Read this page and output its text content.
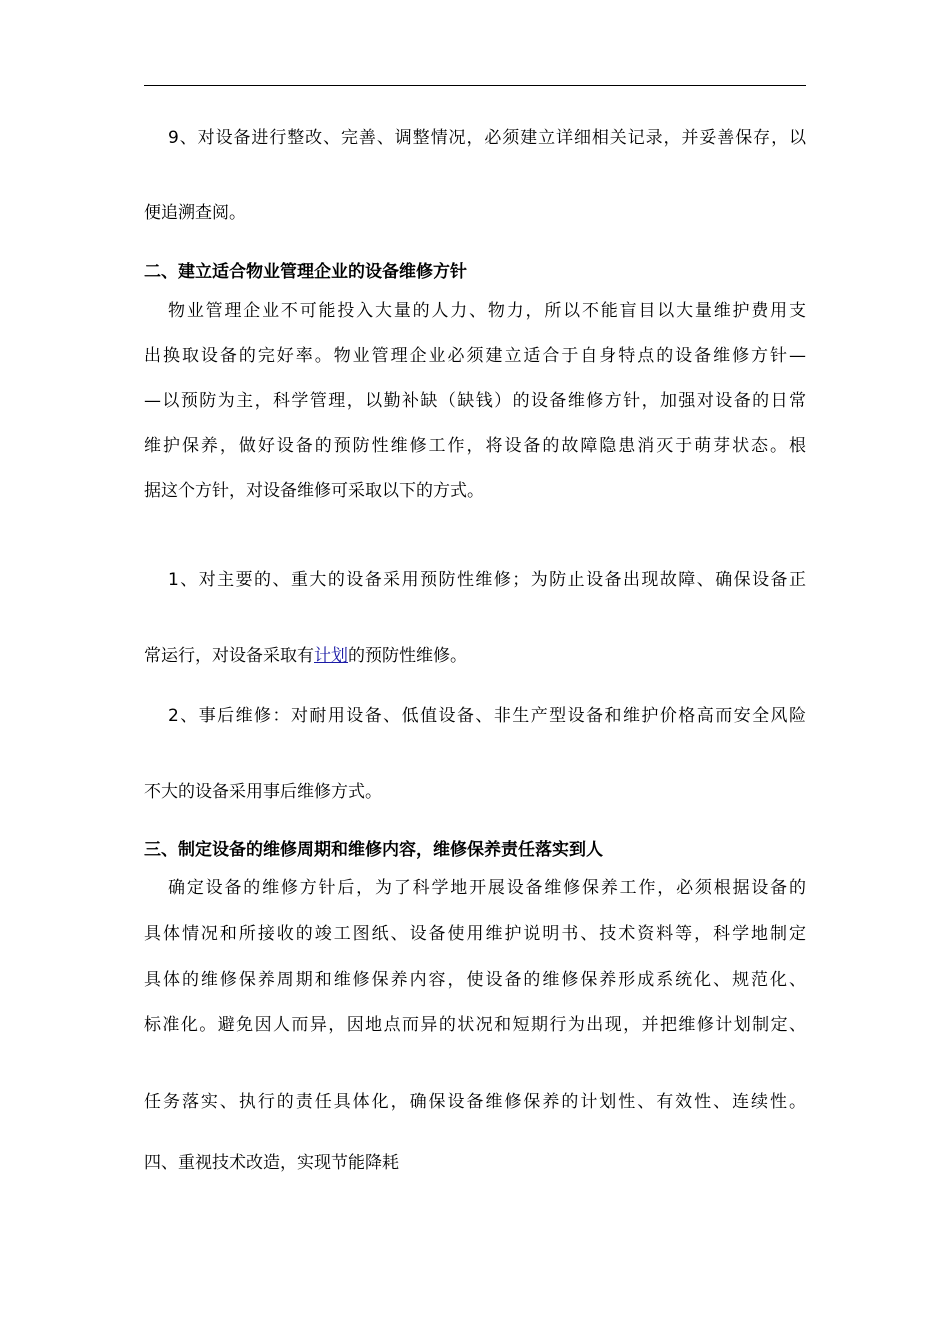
9、对设备进行整改、完善、调整情况，必须建立详细相关记录，并妥善保存，以
便追溯查阅。
二、建立适合物业管理企业的设备维修方针
物业管理企业不可能投入大量的人力、物力，所以不能盲目以大量维护费用支
出换取设备的完好率。物业管理企业必须建立适合于自身特点的设备维修方针—
—以预防为主，科学管理，以勤补缺（缺钱）的设备维修方针，加强对设备的日常
维护保养，做好设备的预防性维修工作，将设备的故障隐患消灭于萌芽状态。根
据这个方针，对设备维修可采取以下的方式。
1、对主要的、重大的设备采用预防性维修；为防止设备出现故障、确保设备正
常运行，对设备采取有计划的预防性维修。
2、事后维修：对耐用设备、低值设备、非生产型设备和维护价格高而安全风险
不大的设备采用事后维修方式。
三、制定设备的维修周期和维修内容，维修保养责任落实到人
确定设备的维修方针后，为了科学地开展设备维修保养工作，必须根据设备的
具体情况和所接收的竣工图纸、设备使用维护说明书、技术资料等，科学地制定
具体的维修保养周期和维修保养内容，使设备的维修保养形成系统化、规范化、
标准化。避免因人而异，因地点而异的状况和短期行为出现，并把维修计划制定、
任务落实、执行的责任具体化，确保设备维修保养的计划性、有效性、连续性。
四、重视技术改造，实现节能降耗
